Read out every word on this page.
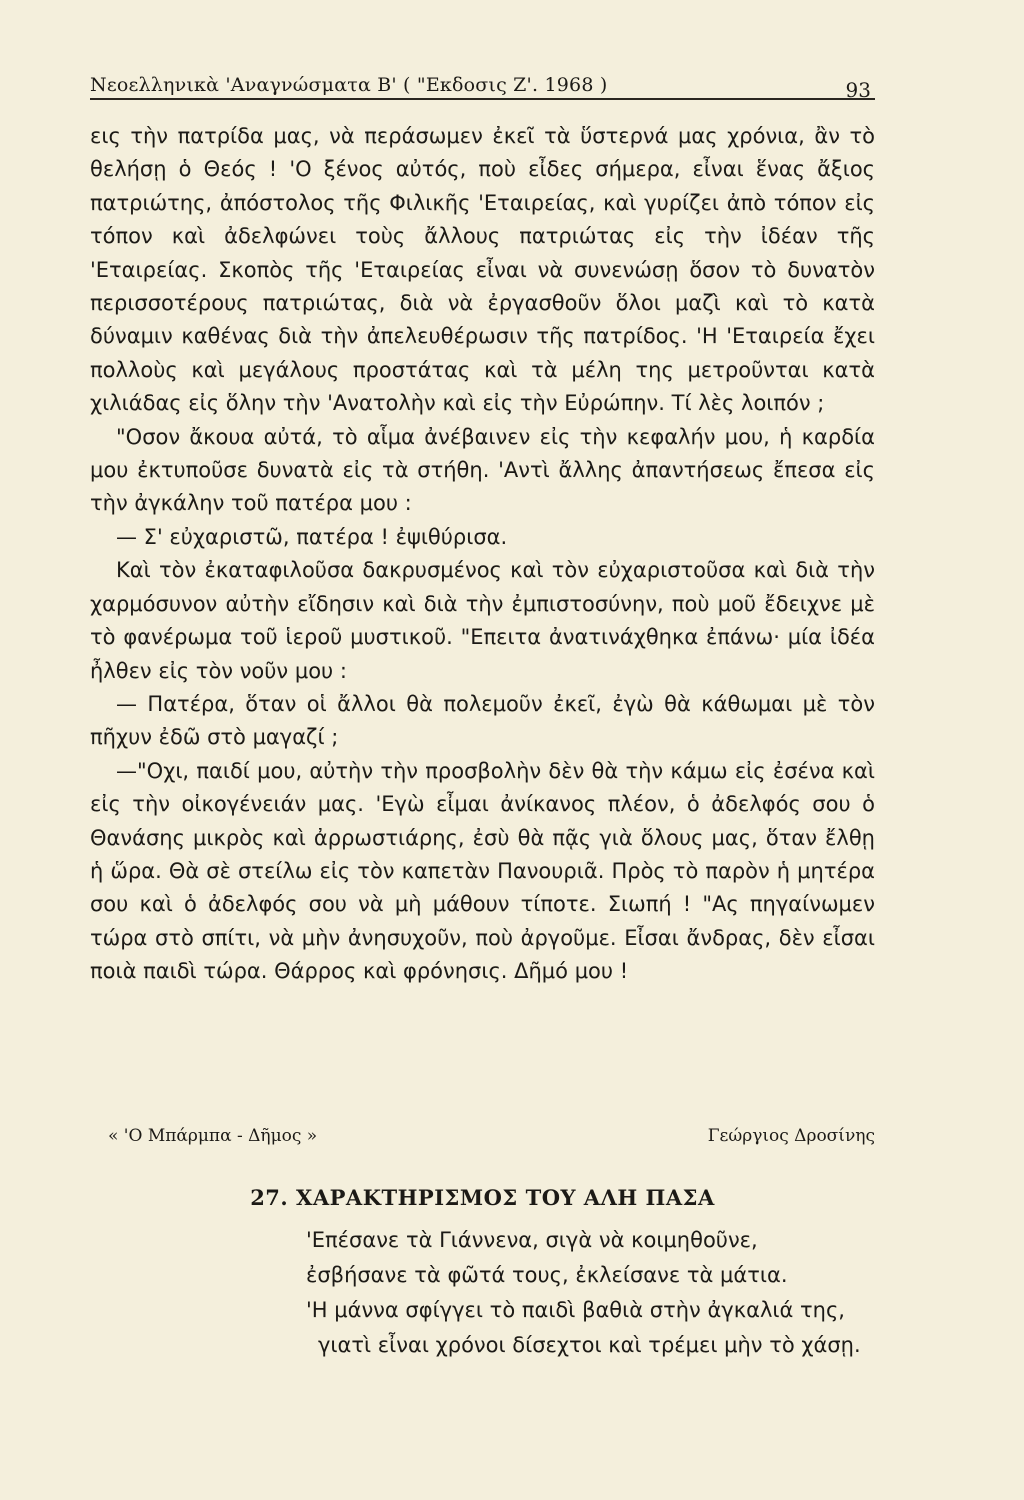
Νεοελληνικὰ 'Αναγνώσματα Β' ( "Εκδοσις Ζ'. 1968 )	93

εις τὴν πατρίδα μας, νὰ περάσωμεν ἐκεῖ τὰ ὕστερνά μας χρόνια, ἂν τὸ θελήσῃ ὁ Θεός ! 'Ο ξένος αὐτός, ποὺ εἶδες σήμερα, εἶναι ἕνας ἄξιος πατριώτης, ἀπόστολος τῆς Φιλικῆς 'Εταιρείας, καὶ γυρίζει ἀπὸ τόπον εἰς τόπον καὶ ἀδελφώνει τοὺς ἄλλους πατριώτας εἰς τὴν ἰδέαν τῆς 'Εταιρείας. Σκοπὸς τῆς 'Εταιρείας εἶναι νὰ συνενώσῃ ὅσον τὸ δυνατὸν περισσοτέρους πατριώτας, διὰ νὰ ἐργασθοῦν ὅλοι μαζὶ καὶ τὸ κατὰ δύναμιν καθένας διὰ τὴν ἀπελευθέρωσιν τῆς πατρίδος. 'Η 'Εταιρεία ἔχει πολλοὺς καὶ μεγάλους προστάτας καὶ τὰ μέλη της μετροῦνται κατὰ χιλιάδας εἰς ὅλην τὴν 'Ανατολὴν καὶ εἰς τὴν Εὐρώπην. Τί λὲς λοιπόν ;

"Οσον ἄκουα αὐτά, τὸ αἷμα ἀνέβαινεν εἰς τὴν κεφαλήν μου, ἡ καρδία μου ἐκτυποῦσε δυνατὰ εἰς τὰ στήθη. 'Αντὶ ἄλλης ἀπαντήσεως ἔπεσα εἰς τὴν ἀγκάλην τοῦ πατέρα μου :

— Σ' εὐχαριστῶ, πατέρα ! ἐψιθύρισα.

Καὶ τὸν ἐκαταφιλοῦσα δακρυσμένος καὶ τὸν εὐχαριστοῦσα καὶ διὰ τὴν χαρμόσυνον αὐτὴν εἴδησιν καὶ διὰ τὴν ἐμπιστοσύνην, ποὺ μοῦ ἔδειχνε μὲ τὸ φανέρωμα τοῦ ἱεροῦ μυστικοῦ. "Επειτα ἀνατινάχθηκα ἐπάνω· μία ἰδέα ἦλθεν εἰς τὸν νοῦν μου :

— Πατέρα, ὅταν οἱ ἄλλοι θὰ πολεμοῦν ἐκεῖ, ἐγὼ θὰ κάθωμαι μὲ τὸν πῆχυν ἐδῶ στὸ μαγαζί ;

—"Οχι, παιδί μου, αὐτὴν τὴν προσβολὴν δὲν θὰ τὴν κάμω εἰς ἐσένα καὶ εἰς τὴν οἰκογένειάν μας. 'Εγὼ εἶμαι ἀνίκανος πλέον, ὁ ἀδελφός σου ὁ Θανάσης μικρὸς καὶ ἀρρωστιάρης, ἐσὺ θὰ πᾷς γιὰ ὅλους μας, ὅταν ἔλθῃ ἡ ὥρα. Θὰ σὲ στείλω εἰς τὸν καπετὰν Πανουριᾶ. Πρὸς τὸ παρὸν ἡ μητέρα σου καὶ ὁ ἀδελφός σου νὰ μὴ μάθουν τίποτε. Σιωπή ! "Ας πηγαίνωμεν τώρα στὸ σπίτι, νὰ μὴν ἀνησυχοῦν, ποὺ ἀργοῦμε. Εἶσαι ἄνδρας, δὲν εἶσαι ποιὰ παιδὶ τώρα. Θάρρος καὶ φρόνησις. Δῆμό μου !

« 'Ο Μπάρμπα - Δῆμος »	Γεώργιος Δροσίνης
27. ΧΑΡΑΚΤΗΡΙΣΜΟΣ ΤΟΥ ΑΛΗ ΠΑΣΑ
'Επέσανε τὰ Γιάννενα, σιγὰ νὰ κοιμηθοῦνε,
ἐσβήσανε τὰ φῶτά τους, ἐκλείσανε τὰ μάτια.
'Η μάννα σφίγγει τὸ παιδὶ βαθιὰ στὴν ἀγκαλιά της,
γιατὶ εἶναι χρόνοι δίσεχτοι καὶ τρέμει μὴν τὸ χάσῃ.
